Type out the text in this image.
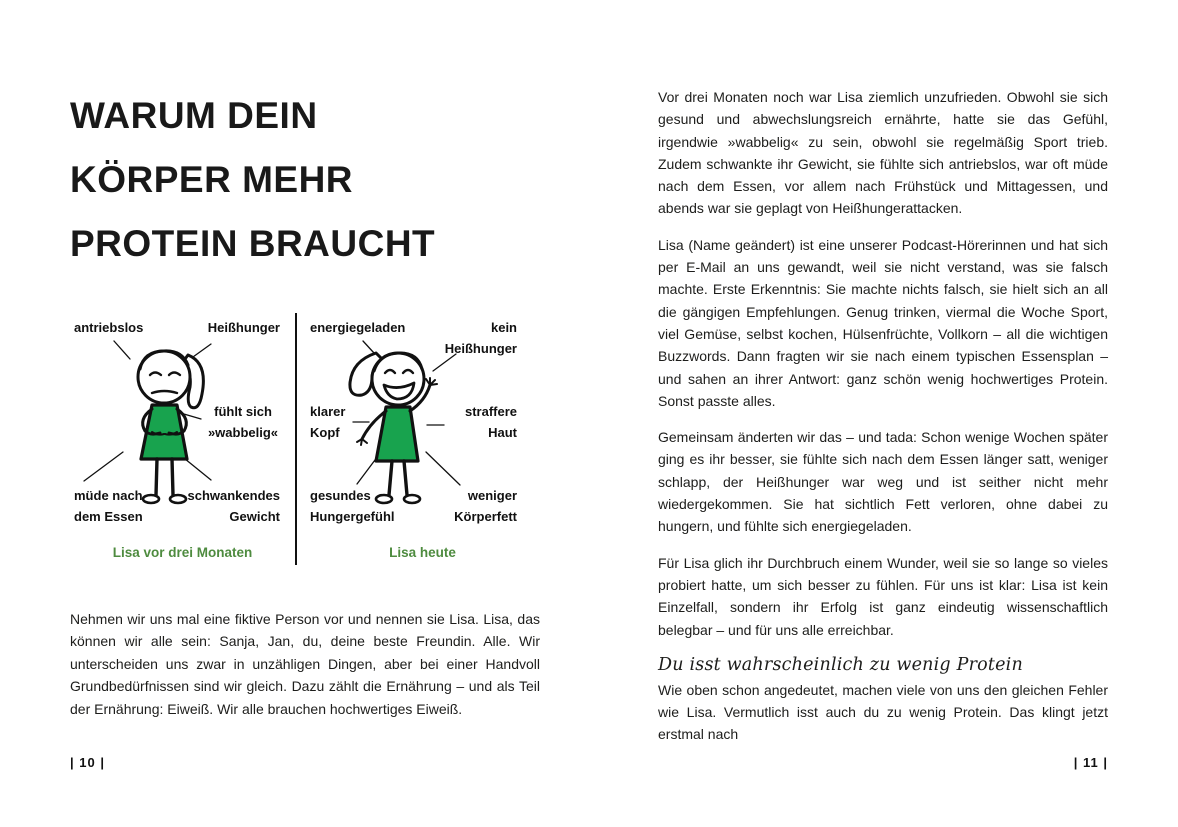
WARUM DEIN
KÖRPER MEHR
PROTEIN BRAUCHT
antriebslos	Heißhunger
fühlt sich
»wabbelig«
müde nach
dem Essen
schwankendes
Gewicht
Lisa vor drei Monaten
energiegeladen	kein
Heißhunger
klarer
Kopf
straffere
Haut
gesundes
Hungergefühl
weniger
Körperfett
Lisa heute
Nehmen wir uns mal eine fiktive Person vor und nennen sie Lisa. Lisa, das können wir alle sein: Sanja, Jan, du, deine beste Freundin. Alle. Wir unterscheiden uns zwar in unzähligen Dingen, aber bei einer Handvoll Grundbedürfnissen sind wir gleich. Dazu zählt die Ernährung – und als Teil der Ernährung: Eiweiß. Wir alle brauchen hochwertiges Eiweiß.
| 10 |

Vor drei Monaten noch war Lisa ziemlich unzufrieden. Obwohl sie sich gesund und abwechslungsreich ernährte, hatte sie das Gefühl, irgendwie »wabbelig« zu sein, obwohl sie regelmäßig Sport trieb. Zudem schwankte ihr Gewicht, sie fühlte sich antriebslos, war oft müde nach dem Essen, vor allem nach Frühstück und Mittagessen, und abends war sie geplagt von Heißhungerattacken.

Lisa (Name geändert) ist eine unserer Podcast-Hörerinnen und hat sich per E-Mail an uns gewandt, weil sie nicht verstand, was sie falsch machte. Erste Erkenntnis: Sie machte nichts falsch, sie hielt sich an all die gängigen Empfehlungen. Genug trinken, viermal die Woche Sport, viel Gemüse, selbst kochen, Hülsenfrüchte, Vollkorn – all die wichtigen Buzzwords. Dann fragten wir sie nach einem typischen Essensplan – und sahen an ihrer Antwort: ganz schön wenig hochwertiges Protein. Sonst passte alles.

Gemeinsam änderten wir das – und tada: Schon wenige Wochen später ging es ihr besser, sie fühlte sich nach dem Essen länger satt, weniger schlapp, der Heißhunger war weg und ist seither nicht mehr wiedergekommen. Sie hat sichtlich Fett verloren, ohne dabei zu hungern, und fühlte sich energiegeladen.

Für Lisa glich ihr Durchbruch einem Wunder, weil sie so lange so vieles probiert hatte, um sich besser zu fühlen. Für uns ist klar: Lisa ist kein Einzelfall, sondern ihr Erfolg ist ganz eindeutig wissenschaftlich belegbar – und für uns alle erreichbar.

Du isst wahrscheinlich zu wenig Protein

Wie oben schon angedeutet, machen viele von uns den gleichen Fehler wie Lisa. Vermutlich isst auch du zu wenig Protein. Das klingt jetzt erstmal nach

| 11 |
